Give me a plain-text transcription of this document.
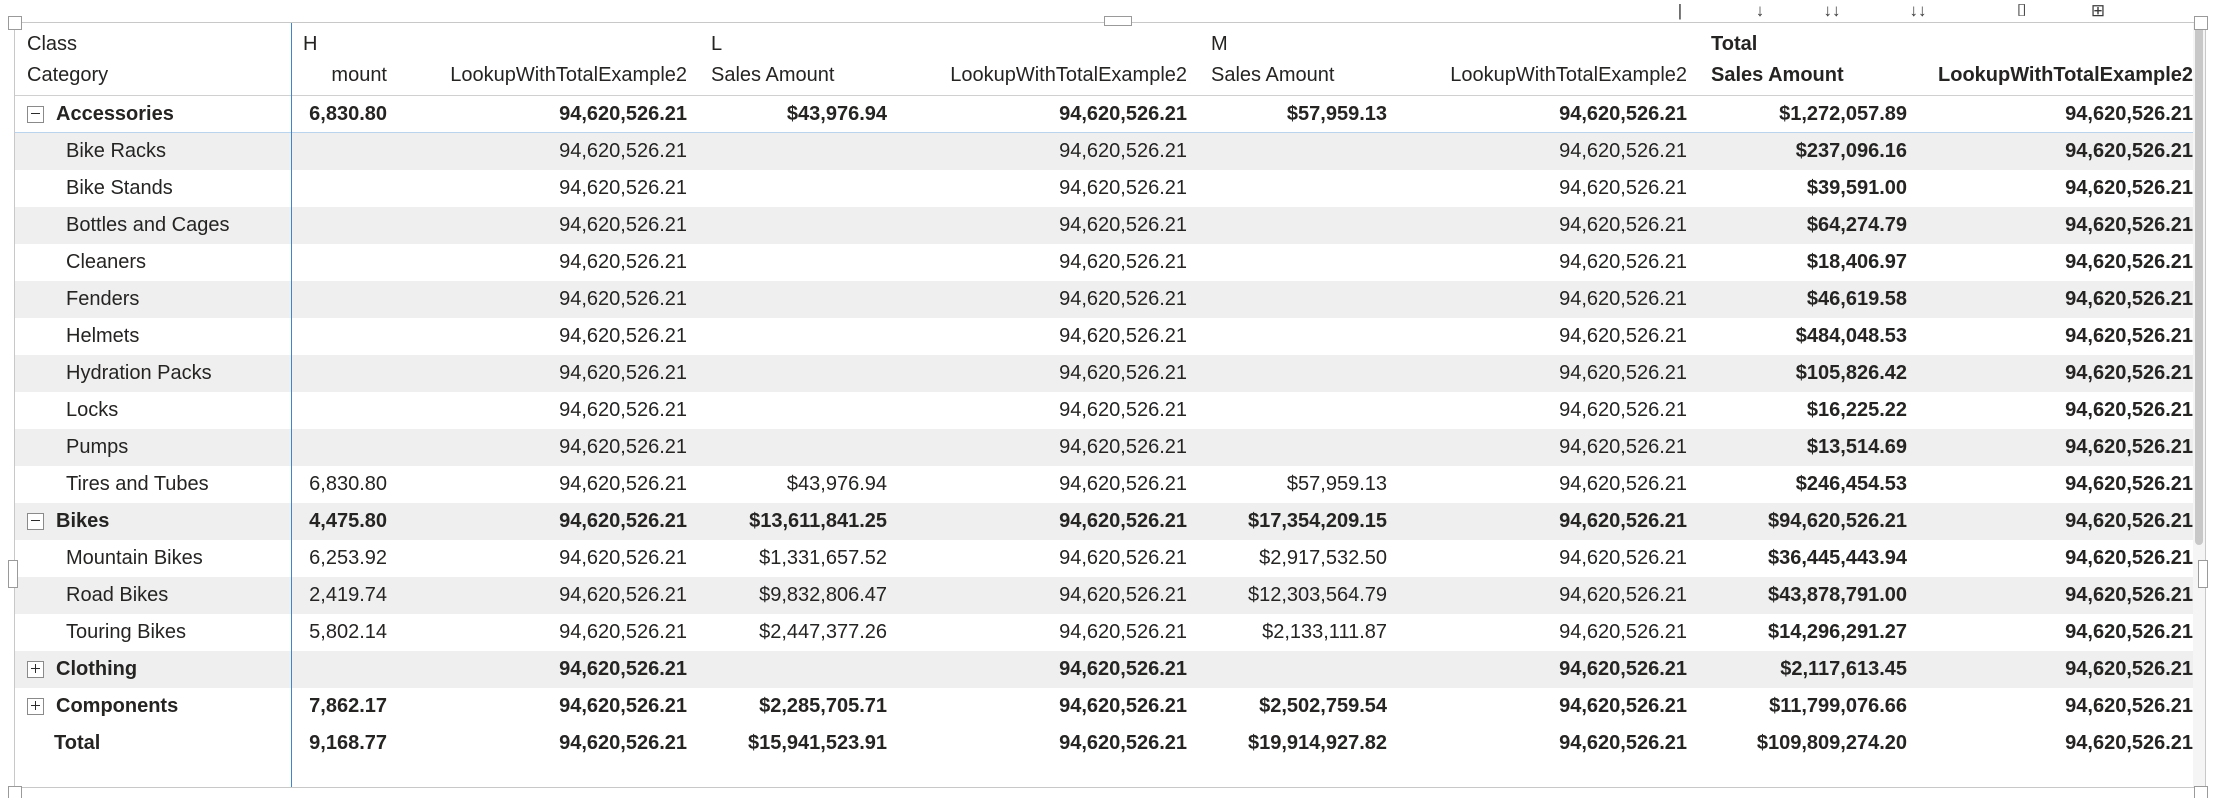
|	↓	↓↓	↓↓	⌷	⊞
Class	H		L		M		Total	
Category	mount	LookupWithTotalExample2	Sales Amount	LookupWithTotalExample2	Sales Amount	LookupWithTotalExample2	Sales Amount	LookupWithTotalExample2

Accessories	6,830.80	94,620,526.21	$43,976.94	94,620,526.21	$57,959.13	94,620,526.21	$1,272,057.89	94,620,526.21

Bike Racks		94,620,526.21		94,620,526.21		94,620,526.21	$237,096.16	94,620,526.21

Bike Stands		94,620,526.21		94,620,526.21		94,620,526.21	$39,591.00	94,620,526.21

Bottles and Cages		94,620,526.21		94,620,526.21		94,620,526.21	$64,274.79	94,620,526.21

Cleaners		94,620,526.21		94,620,526.21		94,620,526.21	$18,406.97	94,620,526.21

Fenders		94,620,526.21		94,620,526.21		94,620,526.21	$46,619.58	94,620,526.21

Helmets		94,620,526.21		94,620,526.21		94,620,526.21	$484,048.53	94,620,526.21

Hydration Packs		94,620,526.21		94,620,526.21		94,620,526.21	$105,826.42	94,620,526.21

Locks		94,620,526.21		94,620,526.21		94,620,526.21	$16,225.22	94,620,526.21

Pumps		94,620,526.21		94,620,526.21		94,620,526.21	$13,514.69	94,620,526.21

Tires and Tubes	6,830.80	94,620,526.21	$43,976.94	94,620,526.21	$57,959.13	94,620,526.21	$246,454.53	94,620,526.21

Bikes	4,475.80	94,620,526.21	$13,611,841.25	94,620,526.21	$17,354,209.15	94,620,526.21	$94,620,526.21	94,620,526.21

Mountain Bikes	6,253.92	94,620,526.21	$1,331,657.52	94,620,526.21	$2,917,532.50	94,620,526.21	$36,445,443.94	94,620,526.21

Road Bikes	2,419.74	94,620,526.21	$9,832,806.47	94,620,526.21	$12,303,564.79	94,620,526.21	$43,878,791.00	94,620,526.21

Touring Bikes	5,802.14	94,620,526.21	$2,447,377.26	94,620,526.21	$2,133,111.87	94,620,526.21	$14,296,291.27	94,620,526.21

Clothing		94,620,526.21		94,620,526.21		94,620,526.21	$2,117,613.45	94,620,526.21

Components	7,862.17	94,620,526.21	$2,285,705.71	94,620,526.21	$2,502,759.54	94,620,526.21	$11,799,076.66	94,620,526.21

Total	9,168.77	94,620,526.21	$15,941,523.91	94,620,526.21	$19,914,927.82	94,620,526.21	$109,809,274.20	94,620,526.21
